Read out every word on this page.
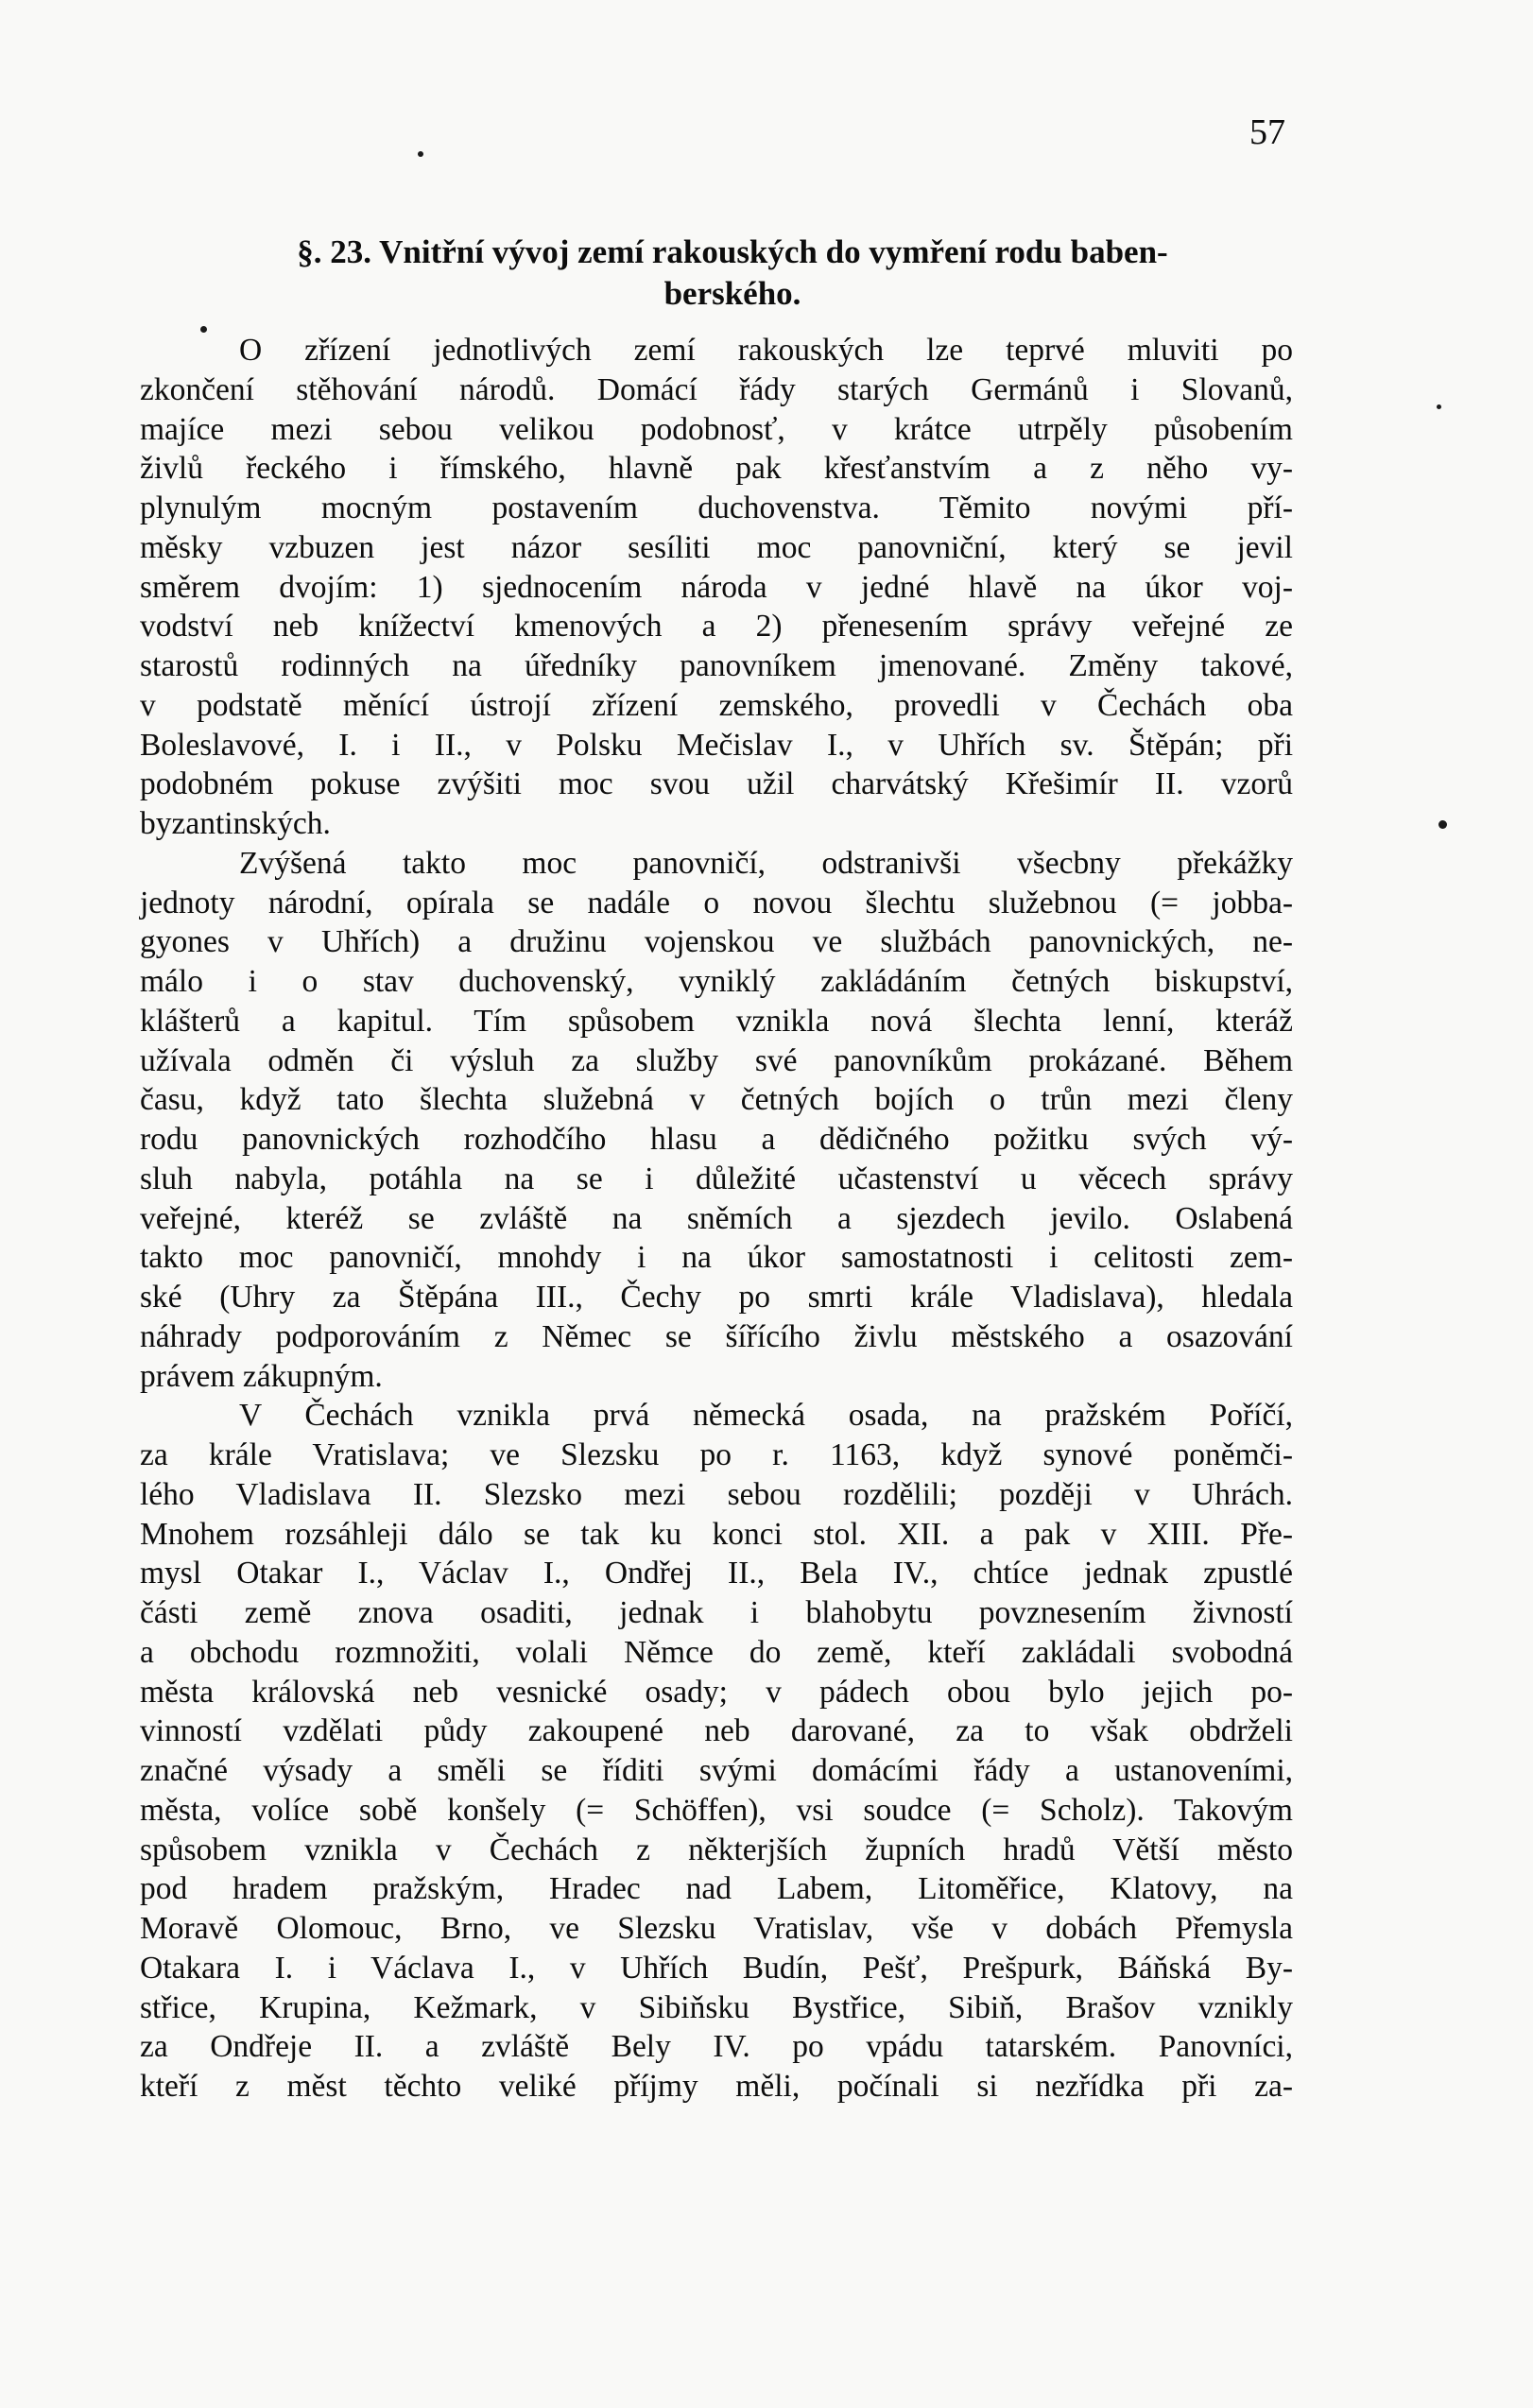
57
§. 23. Vnitřní vývoj zemí rakouských do vymření rodu baben-
berského.
O zřízení jednotlivých zemí rakouských lze teprvé mluviti po
zkončení stěhování národů. Domácí řády starých Germánů i Slovanů,
majíce mezi sebou velikou podobnosť, v krátce utrpěly působením
živlů řeckého i římského, hlavně pak křesťanstvím a z něho vy-
plynulým mocným postavením duchovenstva. Těmito novými pří-
měsky vzbuzen jest názor sesíliti moc panovniční, který se jevil
směrem dvojím: 1) sjednocením národa v jedné hlavě na úkor voj-
vodství neb knížectví kmenových a 2) přenesením správy veřejné ze
starostů rodinných na úředníky panovníkem jmenované. Změny takové,
v podstatě měnící ústrojí zřízení zemského, provedli v Čechách oba
Boleslavové, I. i II., v Polsku Mečislav I., v Uhřích sv. Štěpán; při
podobném pokuse zvýšiti moc svou užil charvátský Křešimír II. vzorů
byzantinských.
Zvýšená takto moc panovničí, odstranivši všecbny překážky
jednoty národní, opírala se nadále o novou šlechtu služebnou (= jobba-
gyones v Uhřích) a družinu vojenskou ve službách panovnických, ne-
málo i o stav duchovenský, vyniklý zakládáním četných biskupství,
klášterů a kapitul. Tím spůsobem vznikla nová šlechta lenní, kteráž
užívala odměn či výsluh za služby své panovníkům prokázané. Během
času, když tato šlechta služebná v četných bojích o trůn mezi členy
rodu panovnických rozhodčího hlasu a dědičného požitku svých vý-
sluh nabyla, potáhla na se i důležité učastenství u věcech správy
veřejné, kteréž se zvláště na sněmích a sjezdech jevilo. Oslabená
takto moc panovničí, mnohdy i na úkor samostatnosti i celitosti zem-
ské (Uhry za Štěpána III., Čechy po smrti krále Vladislava), hledala
náhrady podporováním z Němec se šířícího živlu městského a osazování
právem zákupným.
V Čechách vznikla prvá německá osada, na pražském Poříčí,
za krále Vratislava; ve Slezsku po r. 1163, když synové poněmči-
lého Vladislava II. Slezsko mezi sebou rozdělili; později v Uhrách.
Mnohem rozsáhleji dálo se tak ku konci stol. XII. a pak v XIII. Pře-
mysl Otakar I., Václav I., Ondřej II., Bela IV., chtíce jednak zpustlé
části země znova osaditi, jednak i blahobytu povznesením živností
a obchodu rozmnožiti, volali Němce do země, kteří zakládali svobodná
města královská neb vesnické osady; v pádech obou bylo jejich po-
vinností vzdělati půdy zakoupené neb darované, za to však obdrželi
značné výsady a směli se říditi svými domácími řády a ustanoveními,
města, volíce sobě konšely (= Schöffen), vsi soudce (= Scholz). Takovým
spůsobem vznikla v Čechách z některjších župních hradů Větší město
pod hradem pražským, Hradec nad Labem, Litoměřice, Klatovy, na
Moravě Olomouc, Brno, ve Slezsku Vratislav, vše v dobách Přemysla
Otakara I. i Václava I., v Uhřích Budín, Pešť, Prešpurk, Báňská By-
střice, Krupina, Kežmark, v Sibiňsku Bystřice, Sibiň, Brašov vznikly
za Ondřeje II. a zvláště Bely IV. po vpádu tatarském. Panovníci,
kteří z měst těchto veliké příjmy měli, počínali si nezřídka při za-
